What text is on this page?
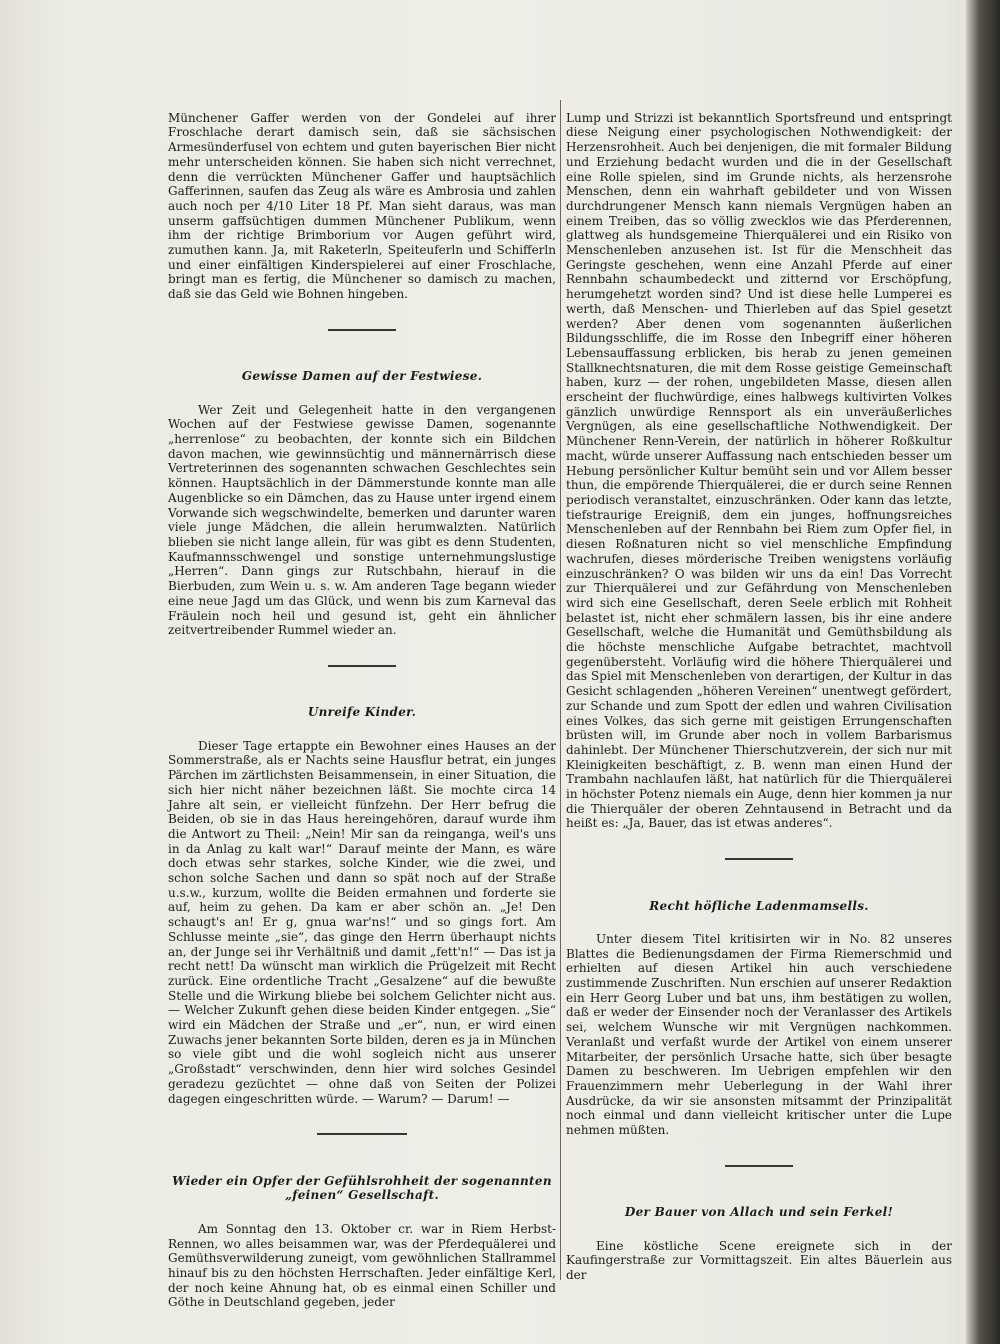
Münchener Gaffer werden von der Gondelei auf ihrer Froschlache derart damisch sein, daß sie sächsischen Armesünderfusel von echtem und guten bayerischen Bier nicht mehr unterscheiden können. Sie haben sich nicht verrechnet, denn die verrückten Münchener Gaffer und hauptsächlich Gafferinnen, saufen das Zeug als wäre es Ambrosia und zahlen auch noch per 4/10 Liter 18 Pf. Man sieht daraus, was man unserm gaffsüchtigen dummen Münchener Publikum, wenn ihm der richtige Brimborium vor Augen geführt wird, zumuthen kann. Ja, mit Raketerln, Speiteuferln und Schifferln und einer einfältigen Kinderspielerei auf einer Froschlache, bringt man es fertig, die Münchener so damisch zu machen, daß sie das Geld wie Bohnen hingeben.

Gewisse Damen auf der Festwiese.

Wer Zeit und Gelegenheit hatte in den vergangenen Wochen auf der Festwiese gewisse Damen, sogenannte „herrenlose“ zu beobachten, der konnte sich ein Bildchen davon machen, wie gewinnsüchtig und männernärrisch diese Vertreterinnen des sogenannten schwachen Geschlechtes sein können. Hauptsächlich in der Dämmerstunde konnte man alle Augenblicke so ein Dämchen, das zu Hause unter irgend einem Vorwande sich wegschwindelte, bemerken und darunter waren viele junge Mädchen, die allein herumwalzten. Natürlich blieben sie nicht lange allein, für was gibt es denn Studenten, Kaufmannsschwengel und sonstige unternehmungslustige „Herren“. Dann gings zur Rutschbahn, hierauf in die Bierbuden, zum Wein u. s. w. Am anderen Tage begann wieder eine neue Jagd um das Glück, und wenn bis zum Karneval das Fräulein noch heil und gesund ist, geht ein ähnlicher zeitvertreibender Rummel wieder an.

Unreife Kinder.

Dieser Tage ertappte ein Bewohner eines Hauses an der Sommerstraße, als er Nachts seine Hausflur betrat, ein junges Pärchen im zärtlichsten Beisammensein, in einer Situation, die sich hier nicht näher bezeichnen läßt. Sie mochte circa 14 Jahre alt sein, er vielleicht fünfzehn. Der Herr befrug die Beiden, ob sie in das Haus hereingehören, darauf wurde ihm die Antwort zu Theil: „Nein! Mir san da reinganga, weil's uns in da Anlag zu kalt war!“ Darauf meinte der Mann, es wäre doch etwas sehr starkes, solche Kinder, wie die zwei, und schon solche Sachen und dann so spät noch auf der Straße u.s.w., kurzum, wollte die Beiden ermahnen und forderte sie auf, heim zu gehen. Da kam er aber schön an. „Je! Den schaugt's an! Er g, gnua war'ns!“ und so gings fort. Am Schlusse meinte „sie“, das ginge den Herrn überhaupt nichts an, der Junge sei ihr Verhältniß und damit „fett'n!“ — Das ist ja recht nett! Da wünscht man wirklich die Prügelzeit mit Recht zurück. Eine ordentliche Tracht „Gesalzene“ auf die bewußte Stelle und die Wirkung bliebe bei solchem Gelichter nicht aus. — Welcher Zukunft gehen diese beiden Kinder entgegen. „Sie“ wird ein Mädchen der Straße und „er“, nun, er wird einen Zuwachs jener bekannten Sorte bilden, deren es ja in München so viele gibt und die wohl sogleich nicht aus unserer „Großstadt“ verschwinden, denn hier wird solches Gesindel geradezu gezüchtet — ohne daß von Seiten der Polizei dagegen eingeschritten würde. — Warum? — Darum! —

Wieder ein Opfer der Gefühlsrohheit der sogenannten „feinen“ Gesellschaft.

Am Sonntag den 13. Oktober cr. war in Riem Herbst-Rennen, wo alles beisammen war, was der Pferdequälerei und Gemüthsverwilderung zuneigt, vom gewöhnlichen Stallrammel hinauf bis zu den höchsten Herrschaften. Jeder einfältige Kerl, der noch keine Ahnung hat, ob es einmal einen Schiller und Göthe in Deutschland gegeben, jeder

Lump und Strizzi ist bekanntlich Sportsfreund und entspringt diese Neigung einer psychologischen Nothwendigkeit: der Herzensrohheit. Auch bei denjenigen, die mit formaler Bildung und Erziehung bedacht wurden und die in der Gesellschaft eine Rolle spielen, sind im Grunde nichts, als herzensrohe Menschen, denn ein wahrhaft gebildeter und von Wissen durchdrungener Mensch kann niemals Vergnügen haben an einem Treiben, das so völlig zwecklos wie das Pferderennen, glattweg als hundsgemeine Thierquälerei und ein Risiko von Menschenleben anzusehen ist. Ist für die Menschheit das Geringste geschehen, wenn eine Anzahl Pferde auf einer Rennbahn schaumbedeckt und zitternd vor Erschöpfung, herumgehetzt worden sind? Und ist diese helle Lumperei es werth, daß Menschen- und Thierleben auf das Spiel gesetzt werden? Aber denen vom sogenannten äußerlichen Bildungsschliffe, die im Rosse den Inbegriff einer höheren Lebensauffassung erblicken, bis herab zu jenen gemeinen Stallknechtsnaturen, die mit dem Rosse geistige Gemeinschaft haben, kurz — der rohen, ungebildeten Masse, diesen allen erscheint der fluchwürdige, eines halbwegs kultivirten Volkes gänzlich unwürdige Rennsport als ein unveräußerliches Vergnügen, als eine gesellschaftliche Nothwendigkeit. Der Münchener Renn-Verein, der natürlich in höherer Roßkultur macht, würde unserer Auffassung nach entschieden besser um Hebung persönlicher Kultur bemüht sein und vor Allem besser thun, die empörende Thierquälerei, die er durch seine Rennen periodisch veranstaltet, einzuschränken. Oder kann das letzte, tiefstraurige Ereigniß, dem ein junges, hoffnungsreiches Menschenleben auf der Rennbahn bei Riem zum Opfer fiel, in diesen Roßnaturen nicht so viel menschliche Empfindung wachrufen, dieses mörderische Treiben wenigstens vorläufig einzuschränken? O was bilden wir uns da ein! Das Vorrecht zur Thierquälerei und zur Gefährdung von Menschenleben wird sich eine Gesellschaft, deren Seele erblich mit Rohheit belastet ist, nicht eher schmälern lassen, bis ihr eine andere Gesellschaft, welche die Humanität und Gemüthsbildung als die höchste menschliche Aufgabe betrachtet, machtvoll gegenübersteht. Vorläufig wird die höhere Thierquälerei und das Spiel mit Menschenleben von derartigen, der Kultur in das Gesicht schlagenden „höheren Vereinen“ unentwegt gefördert, zur Schande und zum Spott der edlen und wahren Civilisation eines Volkes, das sich gerne mit geistigen Errungenschaften brüsten will, im Grunde aber noch in vollem Barbarismus dahinlebt. Der Münchener Thierschutzverein, der sich nur mit Kleinigkeiten beschäftigt, z. B. wenn man einen Hund der Trambahn nachlaufen läßt, hat natürlich für die Thierquälerei in höchster Potenz niemals ein Auge, denn hier kommen ja nur die Thierquäler der oberen Zehntausend in Betracht und da heißt es: „Ja, Bauer, das ist etwas anderes“.

Recht höfliche Ladenmamsells.

Unter diesem Titel kritisirten wir in No. 82 unseres Blattes die Bedienungsdamen der Firma Riemerschmid und erhielten auf diesen Artikel hin auch verschiedene zustimmende Zuschriften. Nun erschien auf unserer Redaktion ein Herr Georg Luber und bat uns, ihm bestätigen zu wollen, daß er weder der Einsender noch der Veranlasser des Artikels sei, welchem Wunsche wir mit Vergnügen nachkommen. Veranlaßt und verfaßt wurde der Artikel von einem unserer Mitarbeiter, der persönlich Ursache hatte, sich über besagte Damen zu beschweren. Im Uebrigen empfehlen wir den Frauenzimmern mehr Ueberlegung in der Wahl ihrer Ausdrücke, da wir sie ansonsten mitsammt der Prinzipalität noch einmal und dann vielleicht kritischer unter die Lupe nehmen müßten.

Der Bauer von Allach und sein Ferkel!

Eine köstliche Scene ereignete sich in der Kaufingerstraße zur Vormittagszeit. Ein altes Bäuerlein aus der
